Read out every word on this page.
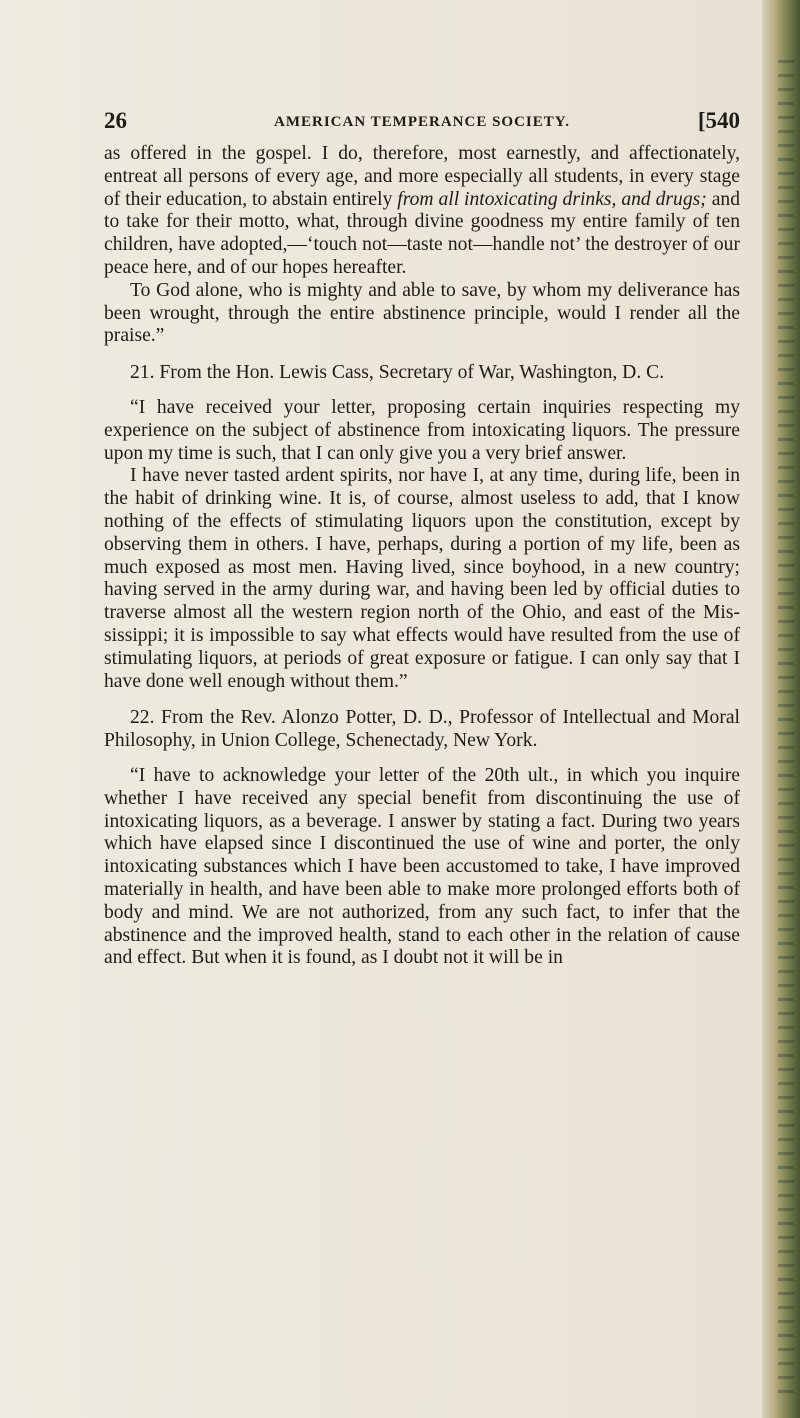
26	AMERICAN TEMPERANCE SOCIETY.	[540

as offered in the gospel. I do, therefore, most earnestly, and affectionately, entreat all persons of every age, and more especially all students, in every stage of their education, to abstain entirely from all intoxicating drinks, and drugs; and to take for their motto, what, through divine goodness my entire family of ten children, have adopted,—‘touch not—taste not—handle not’ the destroyer of our peace here, and of our hopes hereafter.

To God alone, who is mighty and able to save, by whom my deliverance has been wrought, through the entire abstinence principle, would I render all the praise.”

21. From the Hon. Lewis Cass, Secretary of War, Washington, D. C.

“I have received your letter, proposing certain inquiries respecting my experience on the subject of abstinence from intoxicating liquors. The pressure upon my time is such, that I can only give you a very brief answer.

I have never tasted ardent spirits, nor have I, at any time, during life, been in the habit of drinking wine. It is, of course, almost useless to add, that I know nothing of the effects of stimulating liquors upon the constitution, except by observing them in others. I have, perhaps, during a portion of my life, been as much exposed as most men. Having lived, since boyhood, in a new country; having served in the army during war, and having been led by official duties to traverse almost all the western region north of the Ohio, and east of the Mississippi; it is impossible to say what effects would have resulted from the use of stimulating liquors, at periods of great exposure or fatigue. I can only say that I have done well enough without them.”

22. From the Rev. Alonzo Potter, D. D., Professor of Intellectual and Moral Philosophy, in Union College, Schenectady, New York.

“I have to acknowledge your letter of the 20th ult., in which you inquire whether I have received any special benefit from discontinuing the use of intoxicating liquors, as a beverage. I answer by stating a fact. During two years which have elapsed since I discontinued the use of wine and porter, the only intoxicating substances which I have been accustomed to take, I have improved materially in health, and have been able to make more prolonged efforts both of body and mind. We are not authorized, from any such fact, to infer that the abstinence and the improved health, stand to each other in the relation of cause and effect. But when it is found, as I doubt not it will be in
